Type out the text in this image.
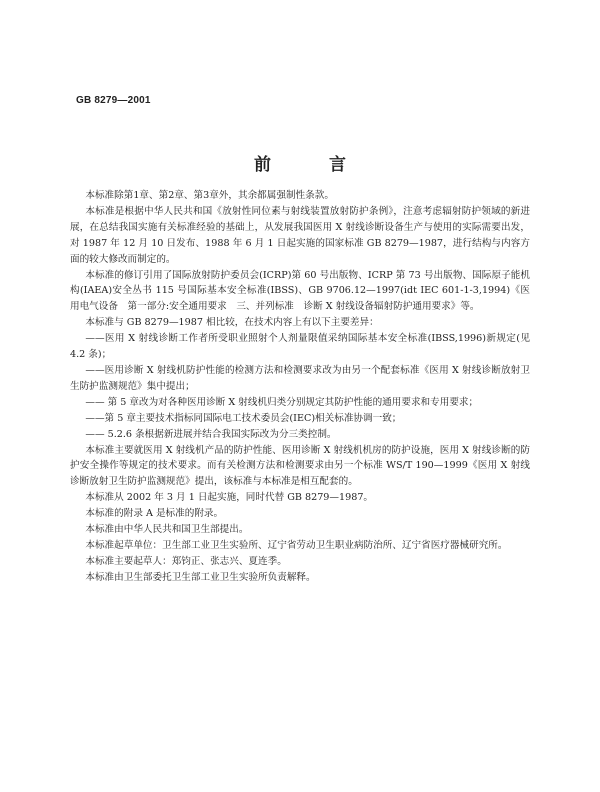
GB 8279—2001
前 言

本标准除第1章、第2章、第3章外，其余都属强制性条款。

本标准是根据中华人民共和国《放射性同位素与射线装置放射防护条例》，注意考虑辐射防护领域的新进展，在总结我国实施有关标准经验的基础上，从发展我国医用 X 射线诊断设备生产与使用的实际需要出发，对 1987 年 12 月 10 日发布、1988 年 6 月 1 日起实施的国家标准 GB 8279—1987，进行结构与内容方面的较大修改而制定的。

本标准的修订引用了国际放射防护委员会(ICRP)第 60 号出版物、ICRP 第 73 号出版物、国际原子能机构(IAEA)安全丛书 115 号国际基本安全标准(IBSS)、GB 9706.12—1997(idt IEC 601-1-3,1994)《医用电气设备　第一部分:安全通用要求　三、并列标准　诊断 X 射线设备辐射防护通用要求》等。

本标准与 GB 8279—1987 相比较，在技术内容上有以下主要差异：

——医用 X 射线诊断工作者所受职业照射个人剂量限值采纳国际基本安全标准(IBSS,1996)新规定(见 4.2 条)；

——医用诊断 X 射线机防护性能的检测方法和检测要求改为由另一个配套标准《医用 X 射线诊断放射卫生防护监测规范》集中提出；

—— 第 5 章改为对各种医用诊断 X 射线机归类分别规定其防护性能的通用要求和专用要求；

——第 5 章主要技术指标同国际电工技术委员会(IEC)相关标准协调一致；

—— 5.2.6 条根据新进展并结合我国实际改为分三类控制。

本标准主要就医用 X 射线机产品的防护性能、医用诊断 X 射线机机房的防护设施，医用 X 射线诊断的防护安全操作等规定的技术要求。而有关检测方法和检测要求由另一个标准 WS/T 190—1999《医用 X 射线诊断放射卫生防护监测规范》提出，该标准与本标准是相互配套的。

本标准从 2002 年 3 月 1 日起实施，同时代替 GB 8279—1987。

本标准的附录 A 是标准的附录。

本标准由中华人民共和国卫生部提出。

本标准起草单位：卫生部工业卫生实验所、辽宁省劳动卫生职业病防治所、辽宁省医疗器械研究所。

本标准主要起草人：郑钧正、张志兴、夏连季。

本标准由卫生部委托卫生部工业卫生实验所负责解释。
